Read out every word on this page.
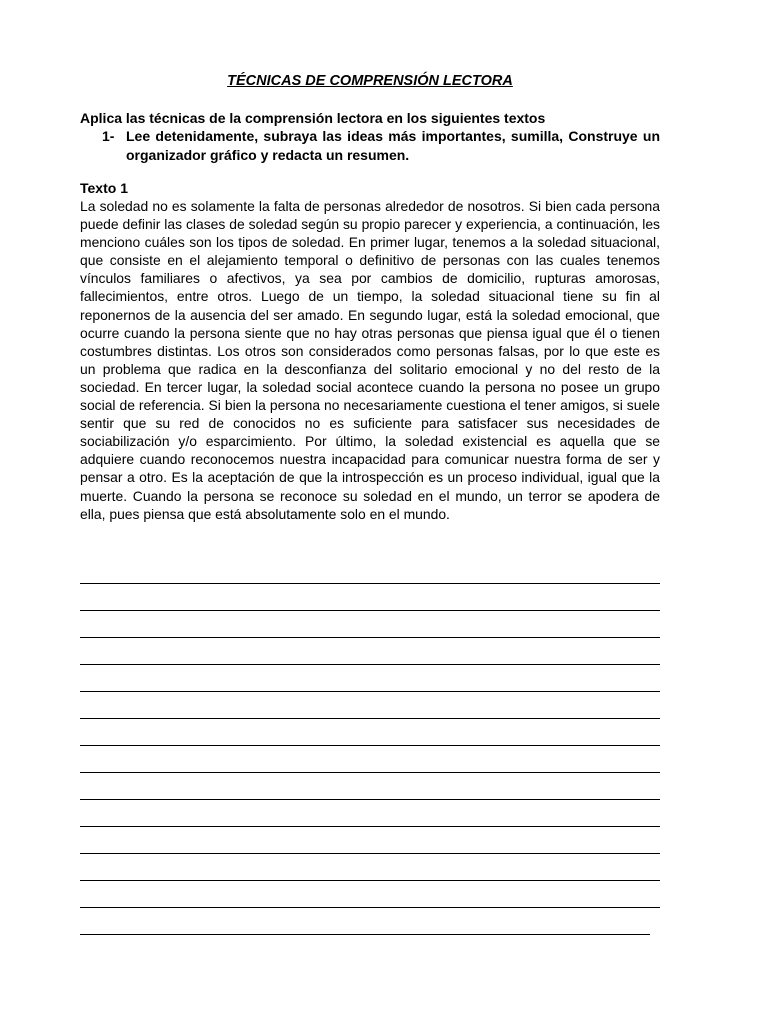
TÉCNICAS DE COMPRENSIÓN LECTORA

Aplica las técnicas de la comprensión lectora en los siguientes textos

1- Lee detenidamente, subraya las ideas más importantes, sumilla, Construye un organizador gráfico y redacta un resumen.

Texto 1

La soledad no es solamente la falta de personas alrededor de nosotros. Si bien cada persona puede definir las clases de soledad según su propio parecer y experiencia, a continuación, les menciono cuáles son los tipos de soledad. En primer lugar, tenemos a la soledad situacional, que consiste en el alejamiento temporal o definitivo de personas con las cuales tenemos vínculos familiares o afectivos, ya sea por cambios de domicilio, rupturas amorosas, fallecimientos, entre otros. Luego de un tiempo, la soledad situacional tiene su fin al reponernos de la ausencia del ser amado. En segundo lugar, está la soledad emocional, que ocurre cuando la persona siente que no hay otras personas que piensa igual que él o tienen costumbres distintas. Los otros son considerados como personas falsas, por lo que este es un problema que radica en la desconfianza del solitario emocional y no del resto de la sociedad. En tercer lugar, la soledad social acontece cuando la persona no posee un grupo social de referencia. Si bien la persona no necesariamente cuestiona el tener amigos, si suele sentir que su red de conocidos no es suficiente para satisfacer sus necesidades de sociabilización y/o esparcimiento. Por último, la soledad existencial es aquella que se adquiere cuando reconocemos nuestra incapacidad para comunicar nuestra forma de ser y pensar a otro. Es la aceptación de que la introspección es un proceso individual, igual que la muerte. Cuando la persona se reconoce su soledad en el mundo, un terror se apodera de ella, pues piensa que está absolutamente solo en el mundo.
